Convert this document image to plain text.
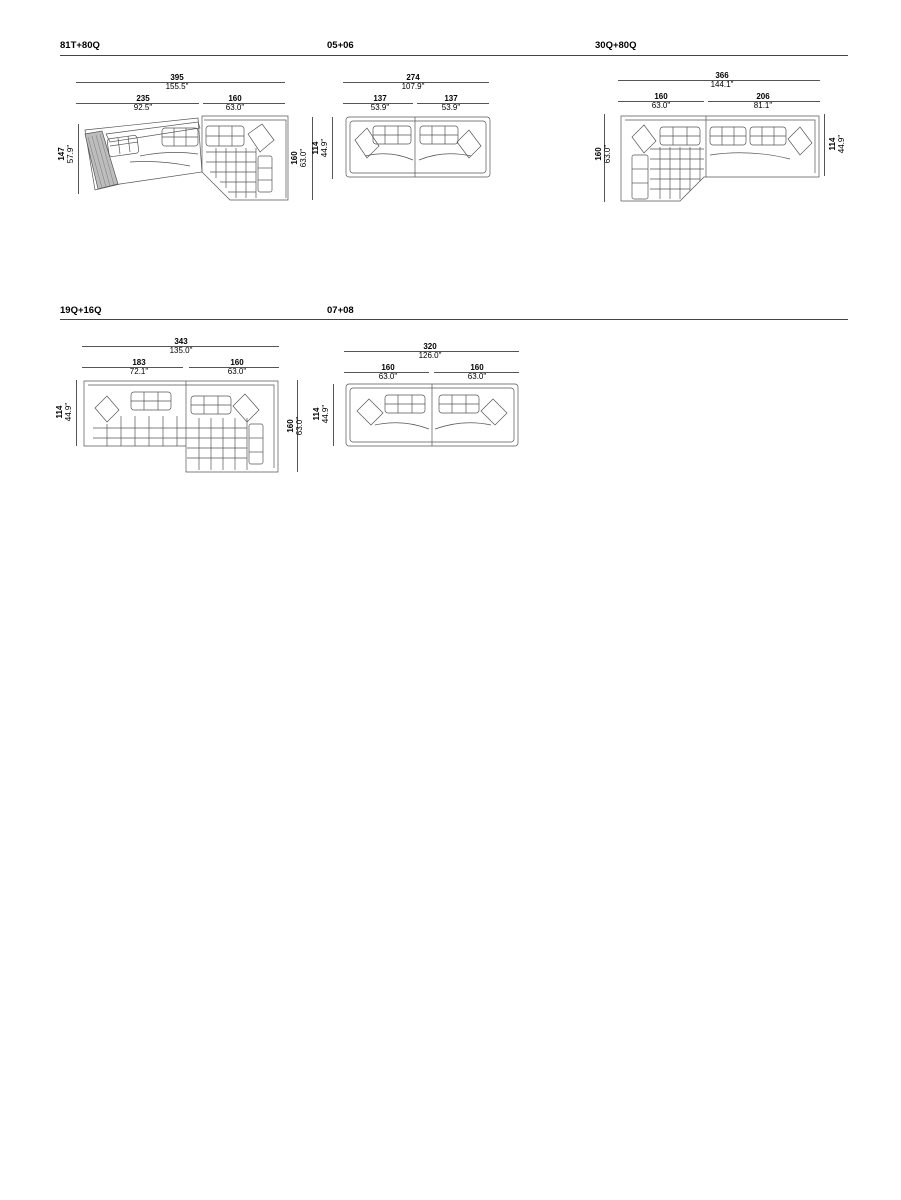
81T+80Q
395
155.5"
235
92.5"
160
63.0"
147 57.9"	160 63.0"
05+06
274
107.9"
137
53.9"
137
53.9"
114 44.9"
30Q+80Q
366
144.1"
160
63.0"
206
81.1"
160 63.0"
114 44.9"
19Q+16Q
343
135.0"
183
72.1"
160
63.0"
114 44.9"
160 63.0"
07+08
320
126.0"
160
63.0"
160
63.0"
114 44.9"
